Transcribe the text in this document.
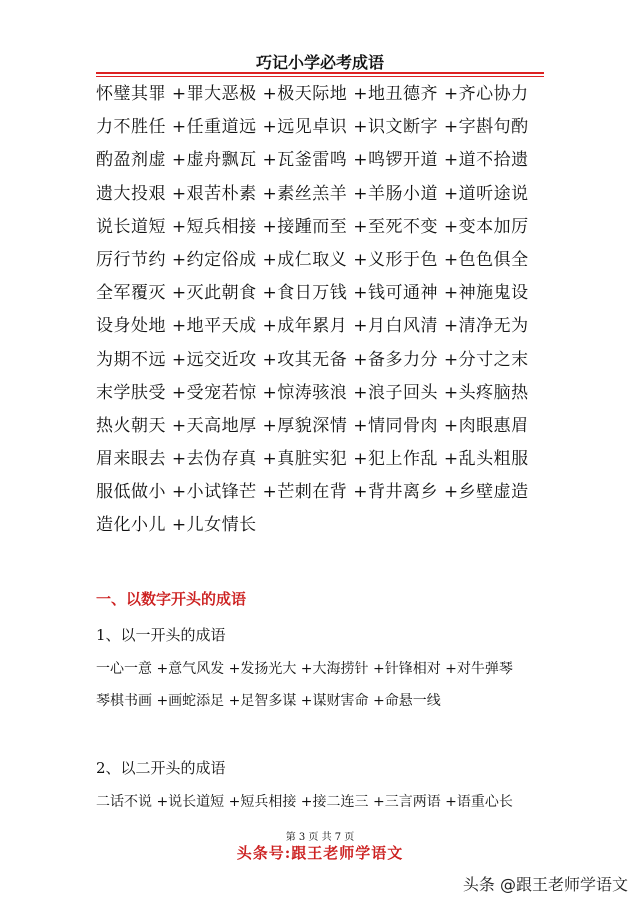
巧记小学必考成语
怀璧其罪 +罪大恶极 +极天际地 +地丑德齐 +齐心协力
力不胜任 +任重道远 +远见卓识 +识文断字 +字斟句酌
酌盈剂虚 +虚舟飘瓦 +瓦釜雷鸣 +鸣锣开道 +道不拾遗
遗大投艰 +艰苦朴素 +素丝羔羊 +羊肠小道 +道听途说
说长道短 +短兵相接 +接踵而至 +至死不变 +变本加厉
厉行节约 +约定俗成 +成仁取义 +义形于色 +色色俱全
全军覆灭 +灭此朝食 +食日万钱 +钱可通神 +神施鬼设
设身处地 +地平天成 +成年累月 +月白风清 +清净无为
为期不远 +远交近攻 +攻其无备 +备多力分 +分寸之末
末学肤受 +受宠若惊 +惊涛骇浪 +浪子回头 +头疼脑热
热火朝天 +天高地厚 +厚貌深情 +情同骨肉 +肉眼惠眉
眉来眼去 +去伪存真 +真脏实犯 +犯上作乱 +乱头粗服
服低做小 +小试锋芒 +芒刺在背 +背井离乡 +乡壁虚造
造化小儿 +儿女情长
一、以数字开头的成语
1、以一开头的成语
一心一意 +意气风发 +发扬光大 +大海捞针 +针锋相对 +对牛弹琴
琴棋书画 +画蛇添足 +足智多谋 +谋财害命 +命悬一线
2、以二开头的成语
二话不说 +说长道短 +短兵相接 +接二连三 +三言两语 +语重心长
第 3 页 共 7 页
头条号:跟王老师学语文
头条 @跟王老师学语文
